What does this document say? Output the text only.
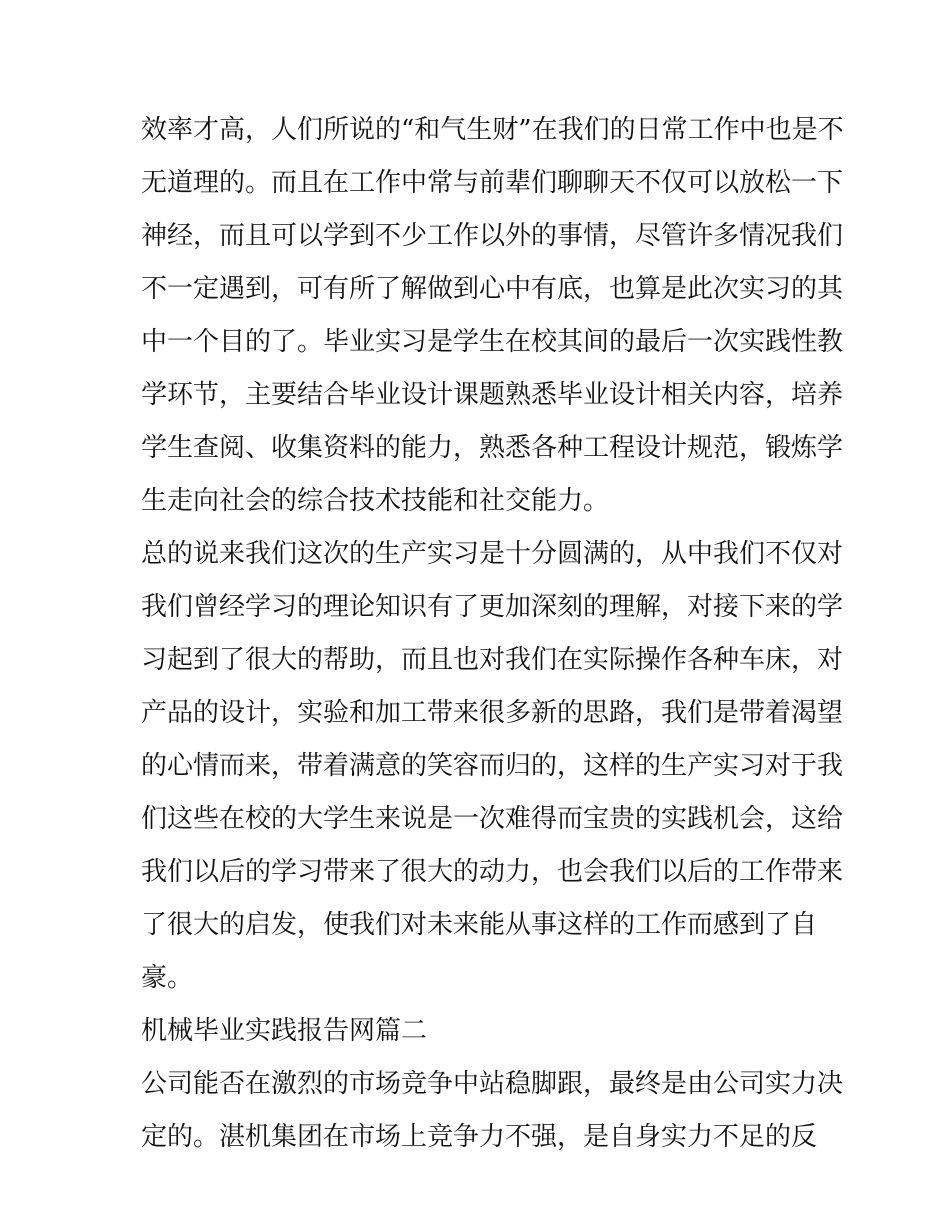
效率才高，人们所说的“和气生财”在我们的日常工作中也是不
无道理的。而且在工作中常与前辈们聊聊天不仅可以放松一下
神经，而且可以学到不少工作以外的事情，尽管许多情况我们
不一定遇到，可有所了解做到心中有底，也算是此次实习的其
中一个目的了。毕业实习是学生在校其间的最后一次实践性教
学环节，主要结合毕业设计课题熟悉毕业设计相关内容，培养
学生查阅、收集资料的能力，熟悉各种工程设计规范，锻炼学
生走向社会的综合技术技能和社交能力。
总的说来我们这次的生产实习是十分圆满的，从中我们不仅对
我们曾经学习的理论知识有了更加深刻的理解，对接下来的学
习起到了很大的帮助，而且也对我们在实际操作各种车床，对
产品的设计，实验和加工带来很多新的思路，我们是带着渴望
的心情而来，带着满意的笑容而归的，这样的生产实习对于我
们这些在校的大学生来说是一次难得而宝贵的实践机会，这给
我们以后的学习带来了很大的动力，也会我们以后的工作带来
了很大的启发，使我们对未来能从事这样的工作而感到了自
豪。
机械毕业实践报告网篇二
公司能否在激烈的市场竞争中站稳脚跟，最终是由公司实力决
定的。湛机集团在市场上竞争力不强，是自身实力不足的反
